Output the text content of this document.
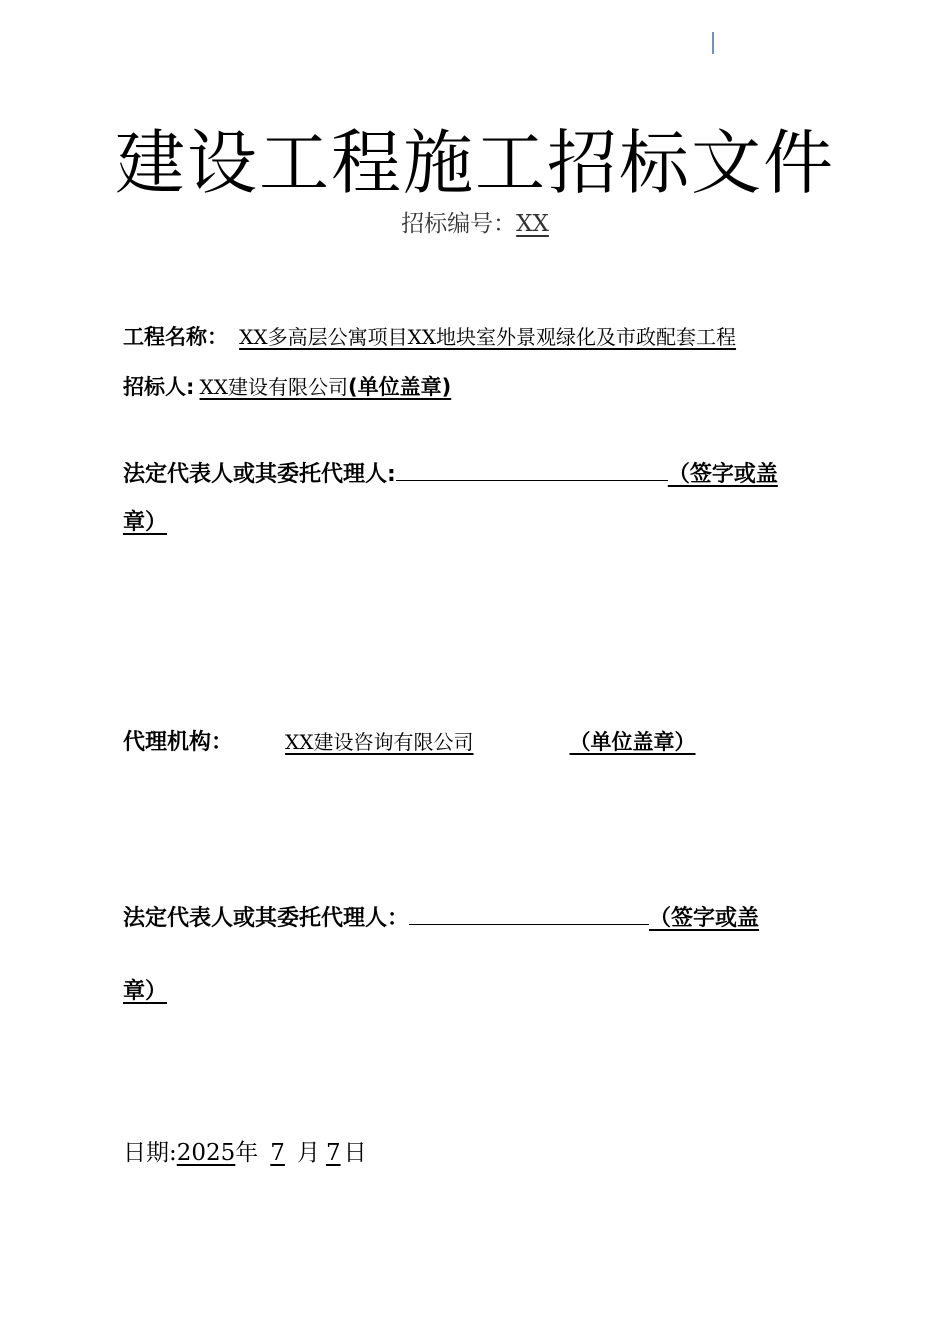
建设工程施工招标文件
招标编号：XX
工程名称： XX多高层公寓项目XX地块室外景观绿化及市政配套工程
招标人: XX建设有限公司(单位盖章)
法定代表人或其委托代理人:	（签字或盖
章）
代理机构：	XX建设咨询有限公司	（单位盖章）
法定代表人或其委托代理人：	（签字或盖
章）
日期:2025年 7 月 7 日
